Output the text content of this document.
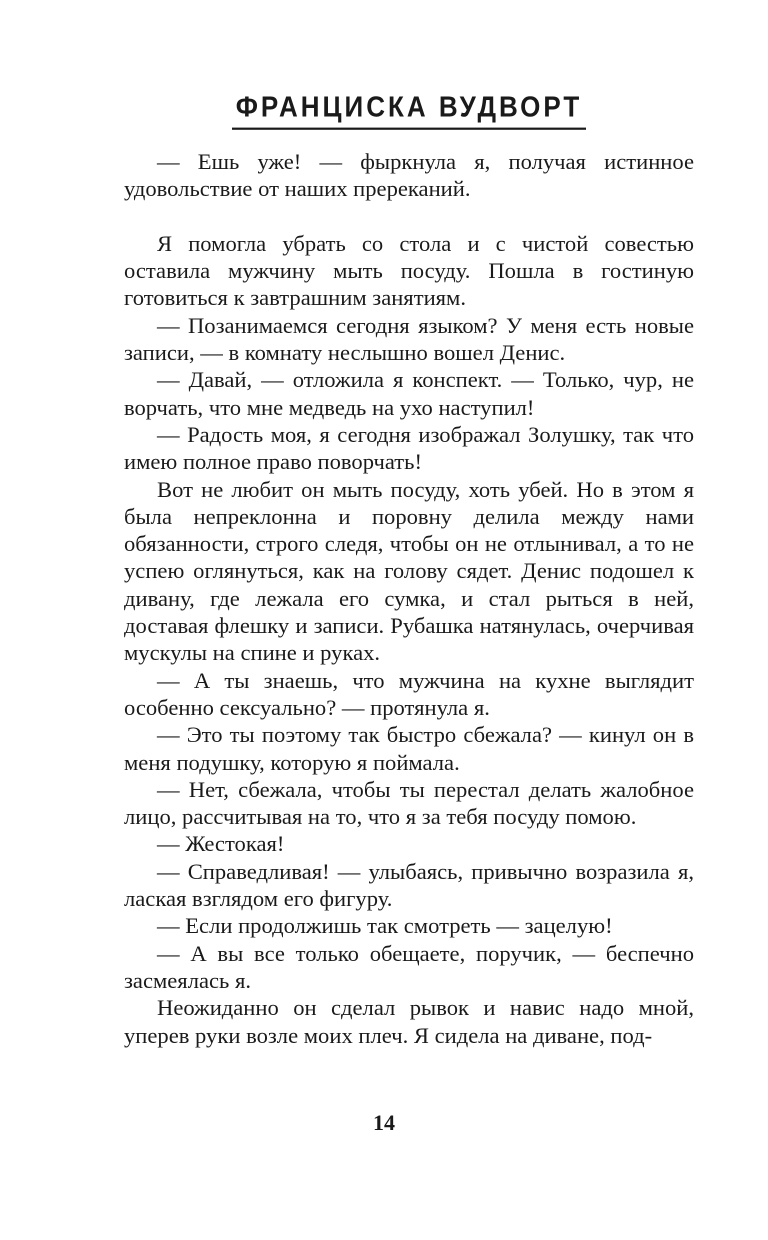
ФРАНЦИСКА ВУДВОРТ

— Ешь уже! — фыркнула я, получая истинное удовольствие от наших пререканий.

Я помогла убрать со стола и с чистой совестью оставила мужчину мыть посуду. Пошла в гостиную готовиться к завтрашним занятиям.

— Позанимаемся сегодня языком? У меня есть новые записи, — в комнату неслышно вошел Денис.

— Давай, — отложила я конспект. — Только, чур, не ворчать, что мне медведь на ухо наступил!

— Радость моя, я сегодня изображал Золушку, так что имею полное право поворчать!

Вот не любит он мыть посуду, хоть убей. Но в этом я была непреклонна и поровну делила между нами обязанности, строго следя, чтобы он не отлынивал, а то не успею оглянуться, как на голову сядет. Денис подошел к дивану, где лежала его сумка, и стал рыться в ней, доставая флешку и записи. Рубашка натянулась, очерчивая мускулы на спине и руках.

— А ты знаешь, что мужчина на кухне выглядит особенно сексуально? — протянула я.

— Это ты поэтому так быстро сбежала? — кинул он в меня подушку, которую я поймала.

— Нет, сбежала, чтобы ты перестал делать жалобное лицо, рассчитывая на то, что я за тебя посуду помою.

— Жестокая!

— Справедливая! — улыбаясь, привычно возразила я, лаская взглядом его фигуру.

— Если продолжишь так смотреть — зацелую!

— А вы все только обещаете, поручик, — беспечно засмеялась я.

Неожиданно он сделал рывок и навис надо мной, уперев руки возле моих плеч. Я сидела на диване, под-

14
